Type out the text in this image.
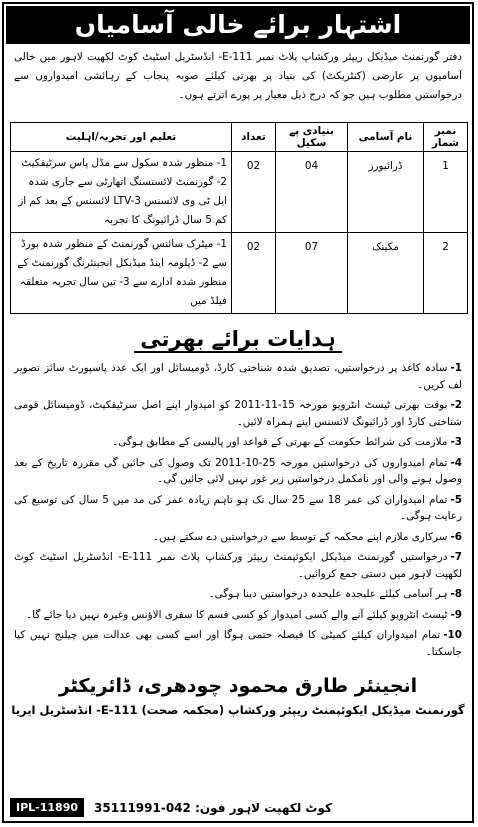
اشتہار برائے خالی آسامیاں
دفتر گورنمنٹ میڈیکل ریپئر ورکشاپ پلاٹ نمبر E-111- انڈسٹریل اسٹیٹ کوٹ لکھپت لاہور میں خالی آسامیوں پر عارضی (کنٹریکٹ) کی بنیاد پر بھرتی کیلئے صوبہ پنجاب کے رہائشی امیدواروں سے درخواستیں مطلوب ہیں جو کہ درج ذیل معیار پر پورے اترتے ہوں۔
نمبر شمار	نام آسامی	بنیادی پے سکیل	تعداد	تعلیم اور تجربہ/اہلیت
1	ڈرائیورز	04	02	1- منظور شدہ سکول سے مڈل پاس سرٹیفکیٹ 2- گورنمنٹ لائسنسنگ اتھارٹی سے جاری شدہ ایل ٹی وی لائسنس LTV-3 لائسنس کے بعد کم از کم 5 سال ڈرائیونگ کا تجربہ
2	مکینک	07	02	1- میٹرک سائنس گورنمنٹ کے منظور شدہ بورڈ سے 2- ڈپلومہ اینڈ میڈیکل انجینئرنگ گورنمنٹ کے منظور شدہ ادارے سے 3- تین سال تجربہ متعلقہ فیلڈ میں
ہدایات برائے بھرتی
1-سادہ کاغذ پر درخواستیں، تصدیق شدہ شناختی کارڈ، ڈومیسائل اور ایک عدد پاسپورٹ سائز تصویر لف کریں۔
2-بوقت بھرتی ٹیسٹ انٹرویو مورخہ 15-11-2011 کو امیدوار اپنے اصل سرٹیفکیٹ، ڈومیسائل قومی شناختی کارڈ اور ڈرائیونگ لائسنس اپنے ہمراہ لائیں۔
3-ملازمت کی شرائط حکومت کے بھرتی کے قواعد اور پالیسی کے مطابق ہوگی۔
4-تمام امیدواروں کی درخواستیں مورخہ 25-10-2011 تک وصول کی جائیں گی مقررہ تاریخ کے بعد وصول ہونے والی اور نامکمل درخواستیں زیر غور نہیں لائی جائیں گی۔
5-تمام امیدواران کی عمر 18 سے 25 سال تک ہو تاہم زیادہ عمر کی مد میں 5 سال کی توسیع کی رعایت ہوگی۔
6-سرکاری ملازم اپنے محکمہ کے توسط سے درخواستیں دے سکتے ہیں۔
7-درخواستیں گورنمنٹ میڈیکل ایکوئپمنٹ ریپئر ورکشاپ پلاٹ نمبر E-111- انڈسٹریل اسٹیٹ کوٹ لکھپت لاہور میں دستی جمع کروائیں۔
8-ہر آسامی کیلئے علیحدہ علیحدہ درخواستیں دینا ہوگی۔
9-ٹیسٹ انٹرویو کیلئے آنے والے کسی امیدوار کو کسی قسم کا سفری الاؤنس وغیرہ نہیں دیا جائے گا۔
10-تمام امیدواران کیلئے کمیٹی کا فیصلہ حتمی ہوگا اور اسے کسی بھی عدالت میں چیلنج نہیں کیا جاسکتا۔
انجینئر طارق محمود چودھری، ڈائریکٹر
گورنمنٹ میڈیکل ایکوئپمنٹ ریپئر ورکشاپ (محکمہ صحت) E-111- انڈسٹریل ایریا
IPL-11890	کوٹ لکھپت لاہور فون: 042-35111991
